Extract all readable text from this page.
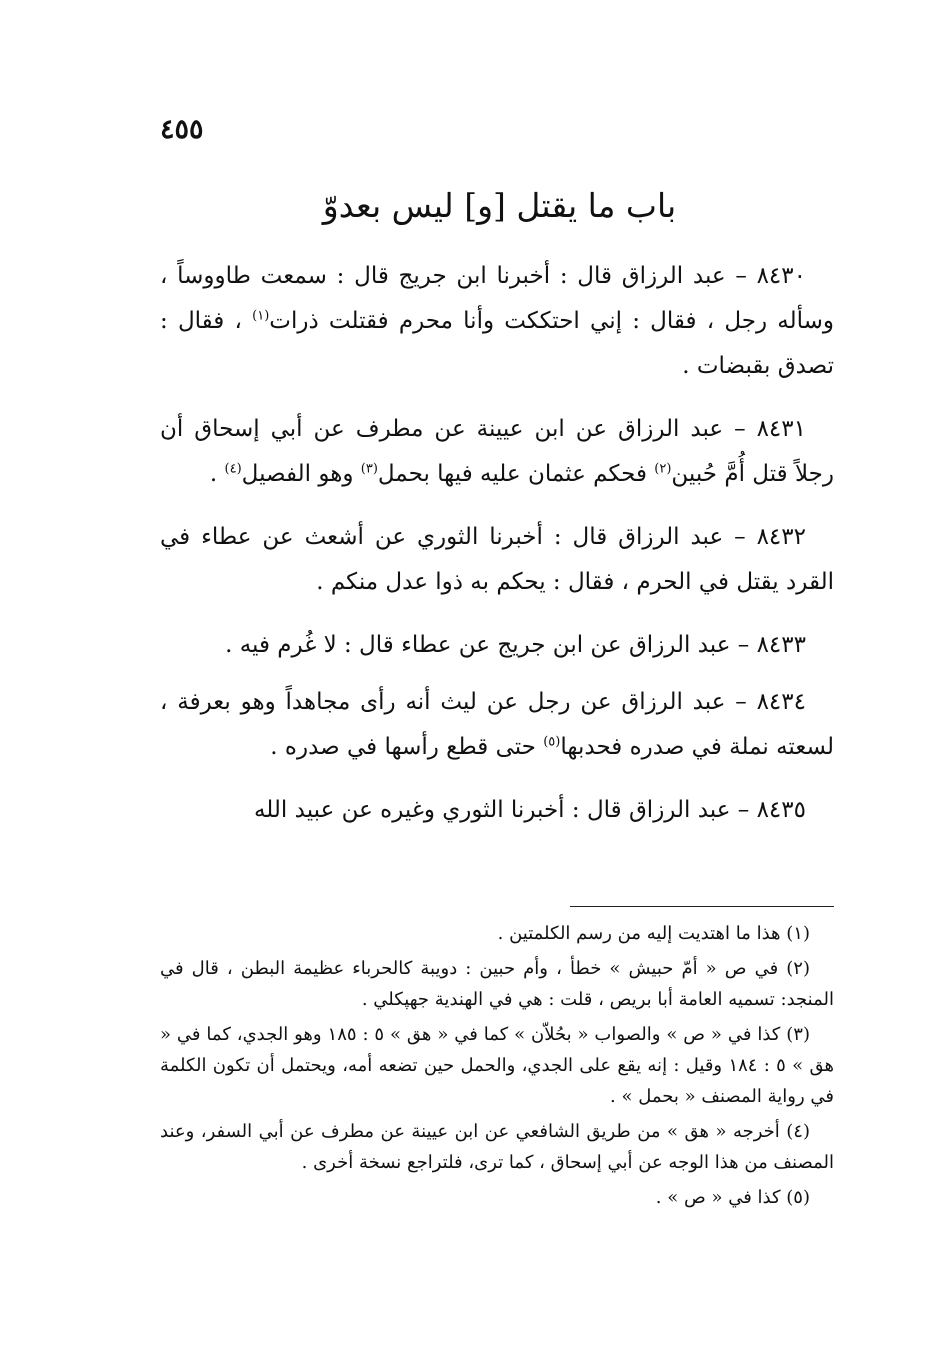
٤٥٥
باب ما يقتل [و] ليس بعدوّ

٨٤٣٠ – عبد الرزاق قال : أخبرنا ابن جريج قال : سمعت طاووساً ، وسأله رجل ، فقال : إني احتككت وأنا محرم فقتلت ذرات$^{(١)}$ ، فقال : تصدق بقبضات .

٨٤٣١ – عبد الرزاق عن ابن عيينة عن مطرف عن أبي إسحاق أن رجلاً قتل أُمَّ حُبين$^{(٢)}$ فحكم عثمان عليه فيها بحمل$^{(٣)}$ وهو الفصيل$^{(٤)}$ .

٨٤٣٢ – عبد الرزاق قال : أخبرنا الثوري عن أشعث عن عطاء في القرد يقتل في الحرم ، فقال : يحكم به ذوا عدل منكم .

٨٤٣٣ – عبد الرزاق عن ابن جريج عن عطاء قال : لا غُرم فيه .

٨٤٣٤ – عبد الرزاق عن رجل عن ليث أنه رأى مجاهداً وهو بعرفة ، لسعته نملة في صدره فحدبها$^{(٥)}$ حتى قطع رأسها في صدره .

٨٤٣٥ – عبد الرزاق قال : أخبرنا الثوري وغيره عن عبيد الله

(١) هذا ما اهتديت إليه من رسم الكلمتين .

(٢) في ص « أمّ حبيش » خطأ ، وأم حبين : دويبة كالحرباء عظيمة البطن ، قال في المنجد: تسميه العامة أبا بريص ، قلت : هي في الهندية جهپكلي .

(٣) كذا في « ص » والصواب « بحُلاّن » كما في « هق » ٥ : ١٨٥ وهو الجدي، كما في « هق » ٥ : ١٨٤ وقيل : إنه يقع على الجدي، والحمل حين تضعه أمه، ويحتمل أن تكون الكلمة في رواية المصنف « بحمل » .

(٤) أخرجه « هق » من طريق الشافعي عن ابن عيينة عن مطرف عن أبي السفر، وعند المصنف من هذا الوجه عن أبي إسحاق ، كما ترى، فلتراجع نسخة أخرى .

(٥) كذا في « ص » .
